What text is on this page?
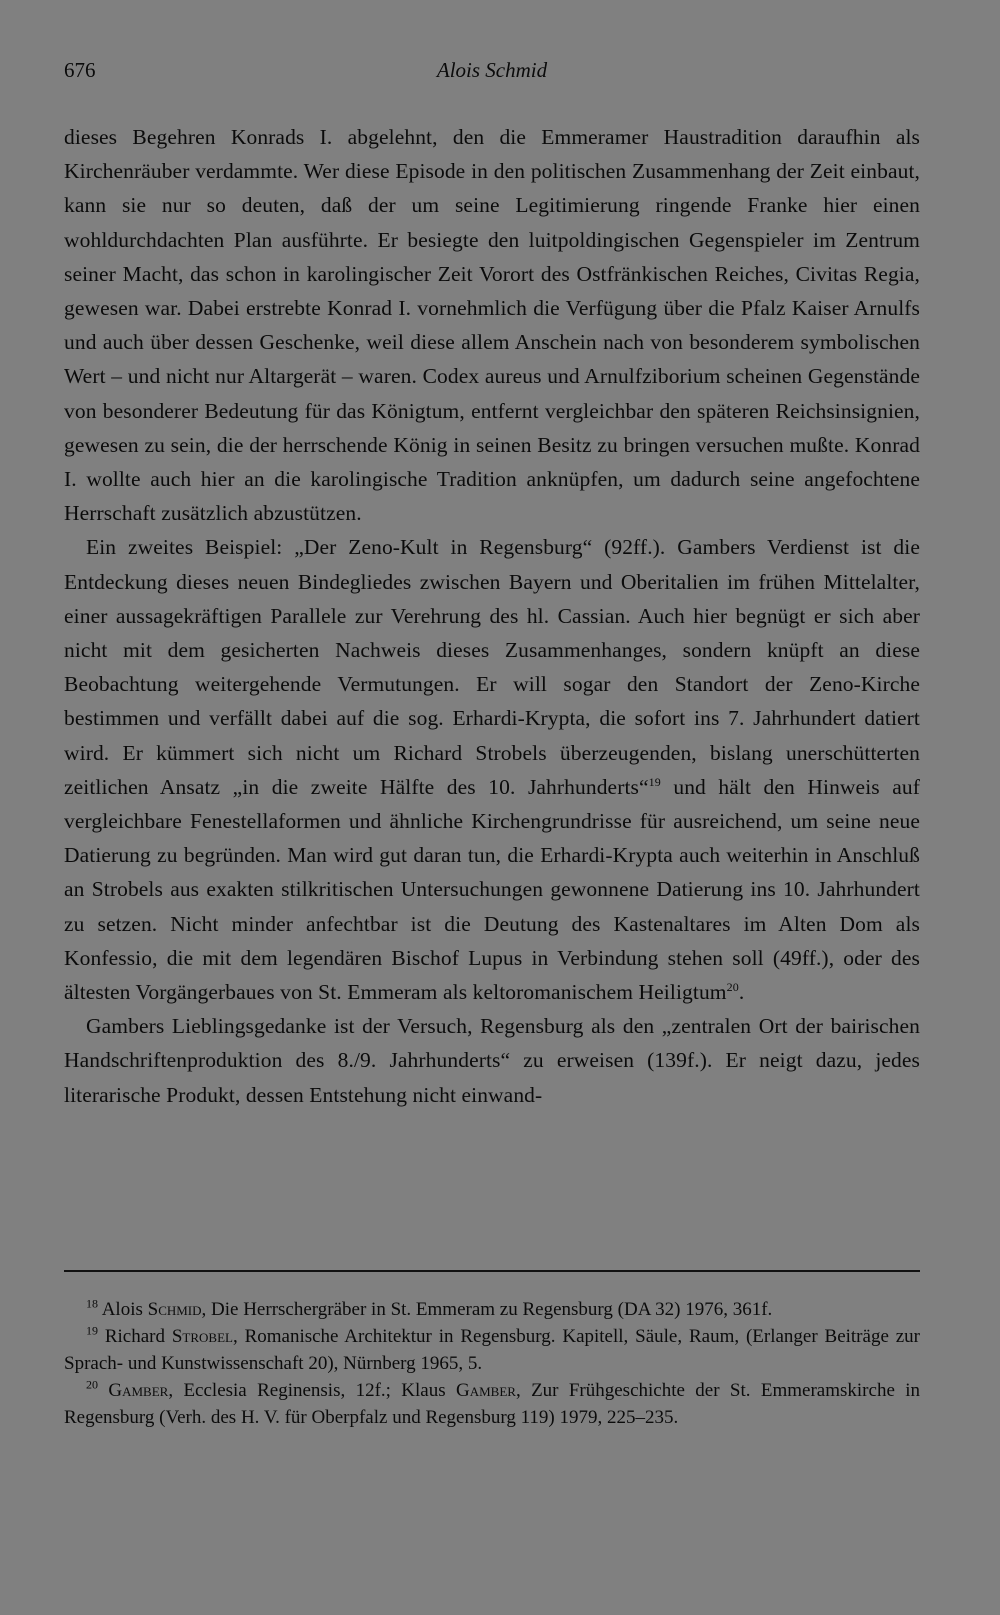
676	Alois Schmid

dieses Begehren Konrads I. abgelehnt, den die Emmeramer Haustradition daraufhin als Kirchenräuber verdammte. Wer diese Episode in den politischen Zusammenhang der Zeit einbaut, kann sie nur so deuten, daß der um seine Legitimierung ringende Franke hier einen wohldurchdachten Plan ausführte. Er besiegte den luitpoldingischen Gegenspieler im Zentrum seiner Macht, das schon in karolingischer Zeit Vorort des Ostfränkischen Reiches, Civitas Regia, gewesen war. Dabei erstrebte Konrad I. vornehmlich die Verfügung über die Pfalz Kaiser Arnulfs und auch über dessen Geschenke, weil diese allem Anschein nach von besonderem symbolischen Wert – und nicht nur Altargerät – waren. Codex aureus und Arnulfziborium scheinen Gegenstände von besonderer Bedeutung für das Königtum, entfernt vergleichbar den späteren Reichsinsignien, gewesen zu sein, die der herrschende König in seinen Besitz zu bringen versuchen mußte. Konrad I. wollte auch hier an die karolingische Tradition anknüpfen, um dadurch seine angefochtene Herrschaft zusätzlich abzustützen.

Ein zweites Beispiel: „Der Zeno-Kult in Regensburg“ (92ff.). Gambers Verdienst ist die Entdeckung dieses neuen Bindegliedes zwischen Bayern und Oberitalien im frühen Mittelalter, einer aussagekräftigen Parallele zur Verehrung des hl. Cassian. Auch hier begnügt er sich aber nicht mit dem gesicherten Nachweis dieses Zusammenhanges, sondern knüpft an diese Beobachtung weitergehende Vermutungen. Er will sogar den Standort der Zeno-Kirche bestimmen und verfällt dabei auf die sog. Erhardi-Krypta, die sofort ins 7. Jahrhundert datiert wird. Er kümmert sich nicht um Richard Strobels überzeugenden, bislang unerschütterten zeitlichen Ansatz „in die zweite Hälfte des 10. Jahrhunderts“$^{19}$ und hält den Hinweis auf vergleichbare Fenestellaformen und ähnliche Kirchengrundrisse für ausreichend, um seine neue Datierung zu begründen. Man wird gut daran tun, die Erhardi-Krypta auch weiterhin in Anschluß an Strobels aus exakten stilkritischen Untersuchungen gewonnene Datierung ins 10. Jahrhundert zu setzen. Nicht minder anfechtbar ist die Deutung des Kastenaltares im Alten Dom als Konfessio, die mit dem legendären Bischof Lupus in Verbindung stehen soll (49ff.), oder des ältesten Vorgängerbaues von St. Emmeram als keltoromanischem Heiligtum$^{20}$.

Gambers Lieblingsgedanke ist der Versuch, Regensburg als den „zentralen Ort der bairischen Handschriftenproduktion des 8./9. Jahrhunderts“ zu erweisen (139f.). Er neigt dazu, jedes literarische Produkt, dessen Entstehung nicht einwand-

$^{18}$ Alois Schmid, Die Herrschergräber in St. Emmeram zu Regensburg (DA 32) 1976, 361f.

$^{19}$ Richard Strobel, Romanische Architektur in Regensburg. Kapitell, Säule, Raum, (Erlanger Beiträge zur Sprach- und Kunstwissenschaft 20), Nürnberg 1965, 5.

$^{20}$ Gamber, Ecclesia Reginensis, 12f.; Klaus Gamber, Zur Frühgeschichte der St. Emmeramskirche in Regensburg (Verh. des H. V. für Oberpfalz und Regensburg 119) 1979, 225–235.
